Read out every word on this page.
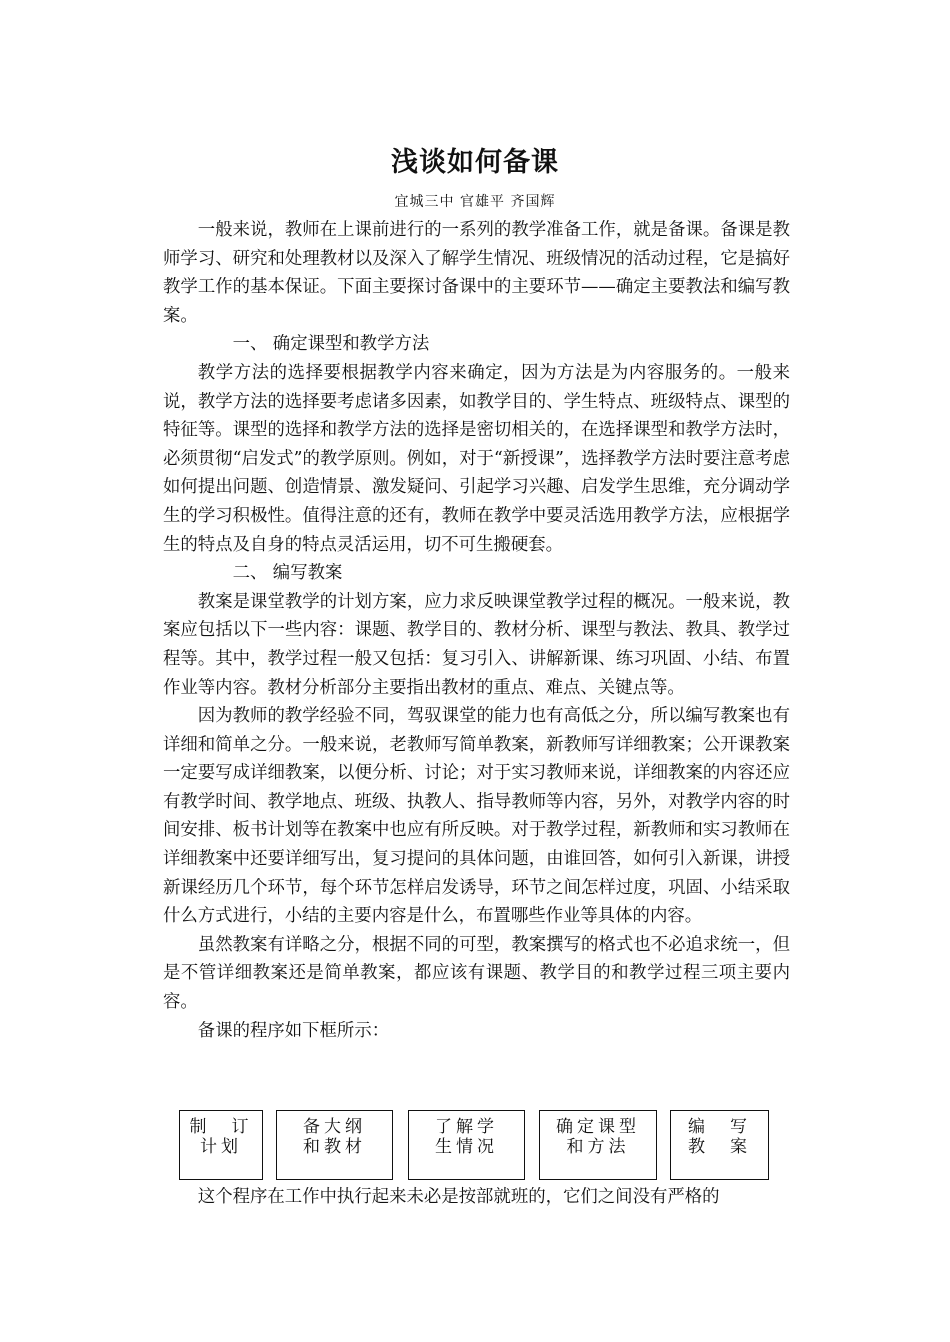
浅谈如何备课
宜城三中 官雄平 齐国辉

一般来说，教师在上课前进行的一系列的教学准备工作，就是备课。备课是教师学习、研究和处理教材以及深入了解学生情况、班级情况的活动过程，它是搞好教学工作的基本保证。下面主要探讨备课中的主要环节——确定主要教法和编写教案。

一、 确定课型和教学方法

教学方法的选择要根据教学内容来确定，因为方法是为内容服务的。一般来说，教学方法的选择要考虑诸多因素，如教学目的、学生特点、班级特点、课型的特征等。课型的选择和教学方法的选择是密切相关的，在选择课型和教学方法时，必须贯彻“启发式”的教学原则。例如，对于“新授课”，选择教学方法时要注意考虑如何提出问题、创造情景、激发疑问、引起学习兴趣、启发学生思维，充分调动学生的学习积极性。值得注意的还有，教师在教学中要灵活选用教学方法，应根据学生的特点及自身的特点灵活运用，切不可生搬硬套。

二、 编写教案

教案是课堂教学的计划方案，应力求反映课堂教学过程的概况。一般来说，教案应包括以下一些内容：课题、教学目的、教材分析、课型与教法、教具、教学过程等。其中，教学过程一般又包括：复习引入、讲解新课、练习巩固、小结、布置作业等内容。教材分析部分主要指出教材的重点、难点、关键点等。

因为教师的教学经验不同，驾驭课堂的能力也有高低之分，所以编写教案也有详细和简单之分。一般来说，老教师写简单教案，新教师写详细教案；公开课教案一定要写成详细教案，以便分析、讨论；对于实习教师来说，详细教案的内容还应有教学时间、教学地点、班级、执教人、指导教师等内容，另外，对教学内容的时间安排、板书计划等在教案中也应有所反映。对于教学过程，新教师和实习教师在详细教案中还要详细写出，复习提问的具体问题，由谁回答，如何引入新课，讲授新课经历几个环节，每个环节怎样启发诱导，环节之间怎样过度，巩固、小结采取什么方式进行，小结的主要内容是什么，布置哪些作业等具体的内容。

虽然教案有详略之分，根据不同的可型，教案撰写的格式也不必追求统一，但是不管详细教案还是简单教案，都应该有课题、教学目的和教学过程三项主要内容。

备课的程序如下框所示：

制　订
计划
备大纲
和教材
了解学
生情况
确定课型
和方法
编　写
教　案
这个程序在工作中执行起来未必是按部就班的，它们之间没有严格的
